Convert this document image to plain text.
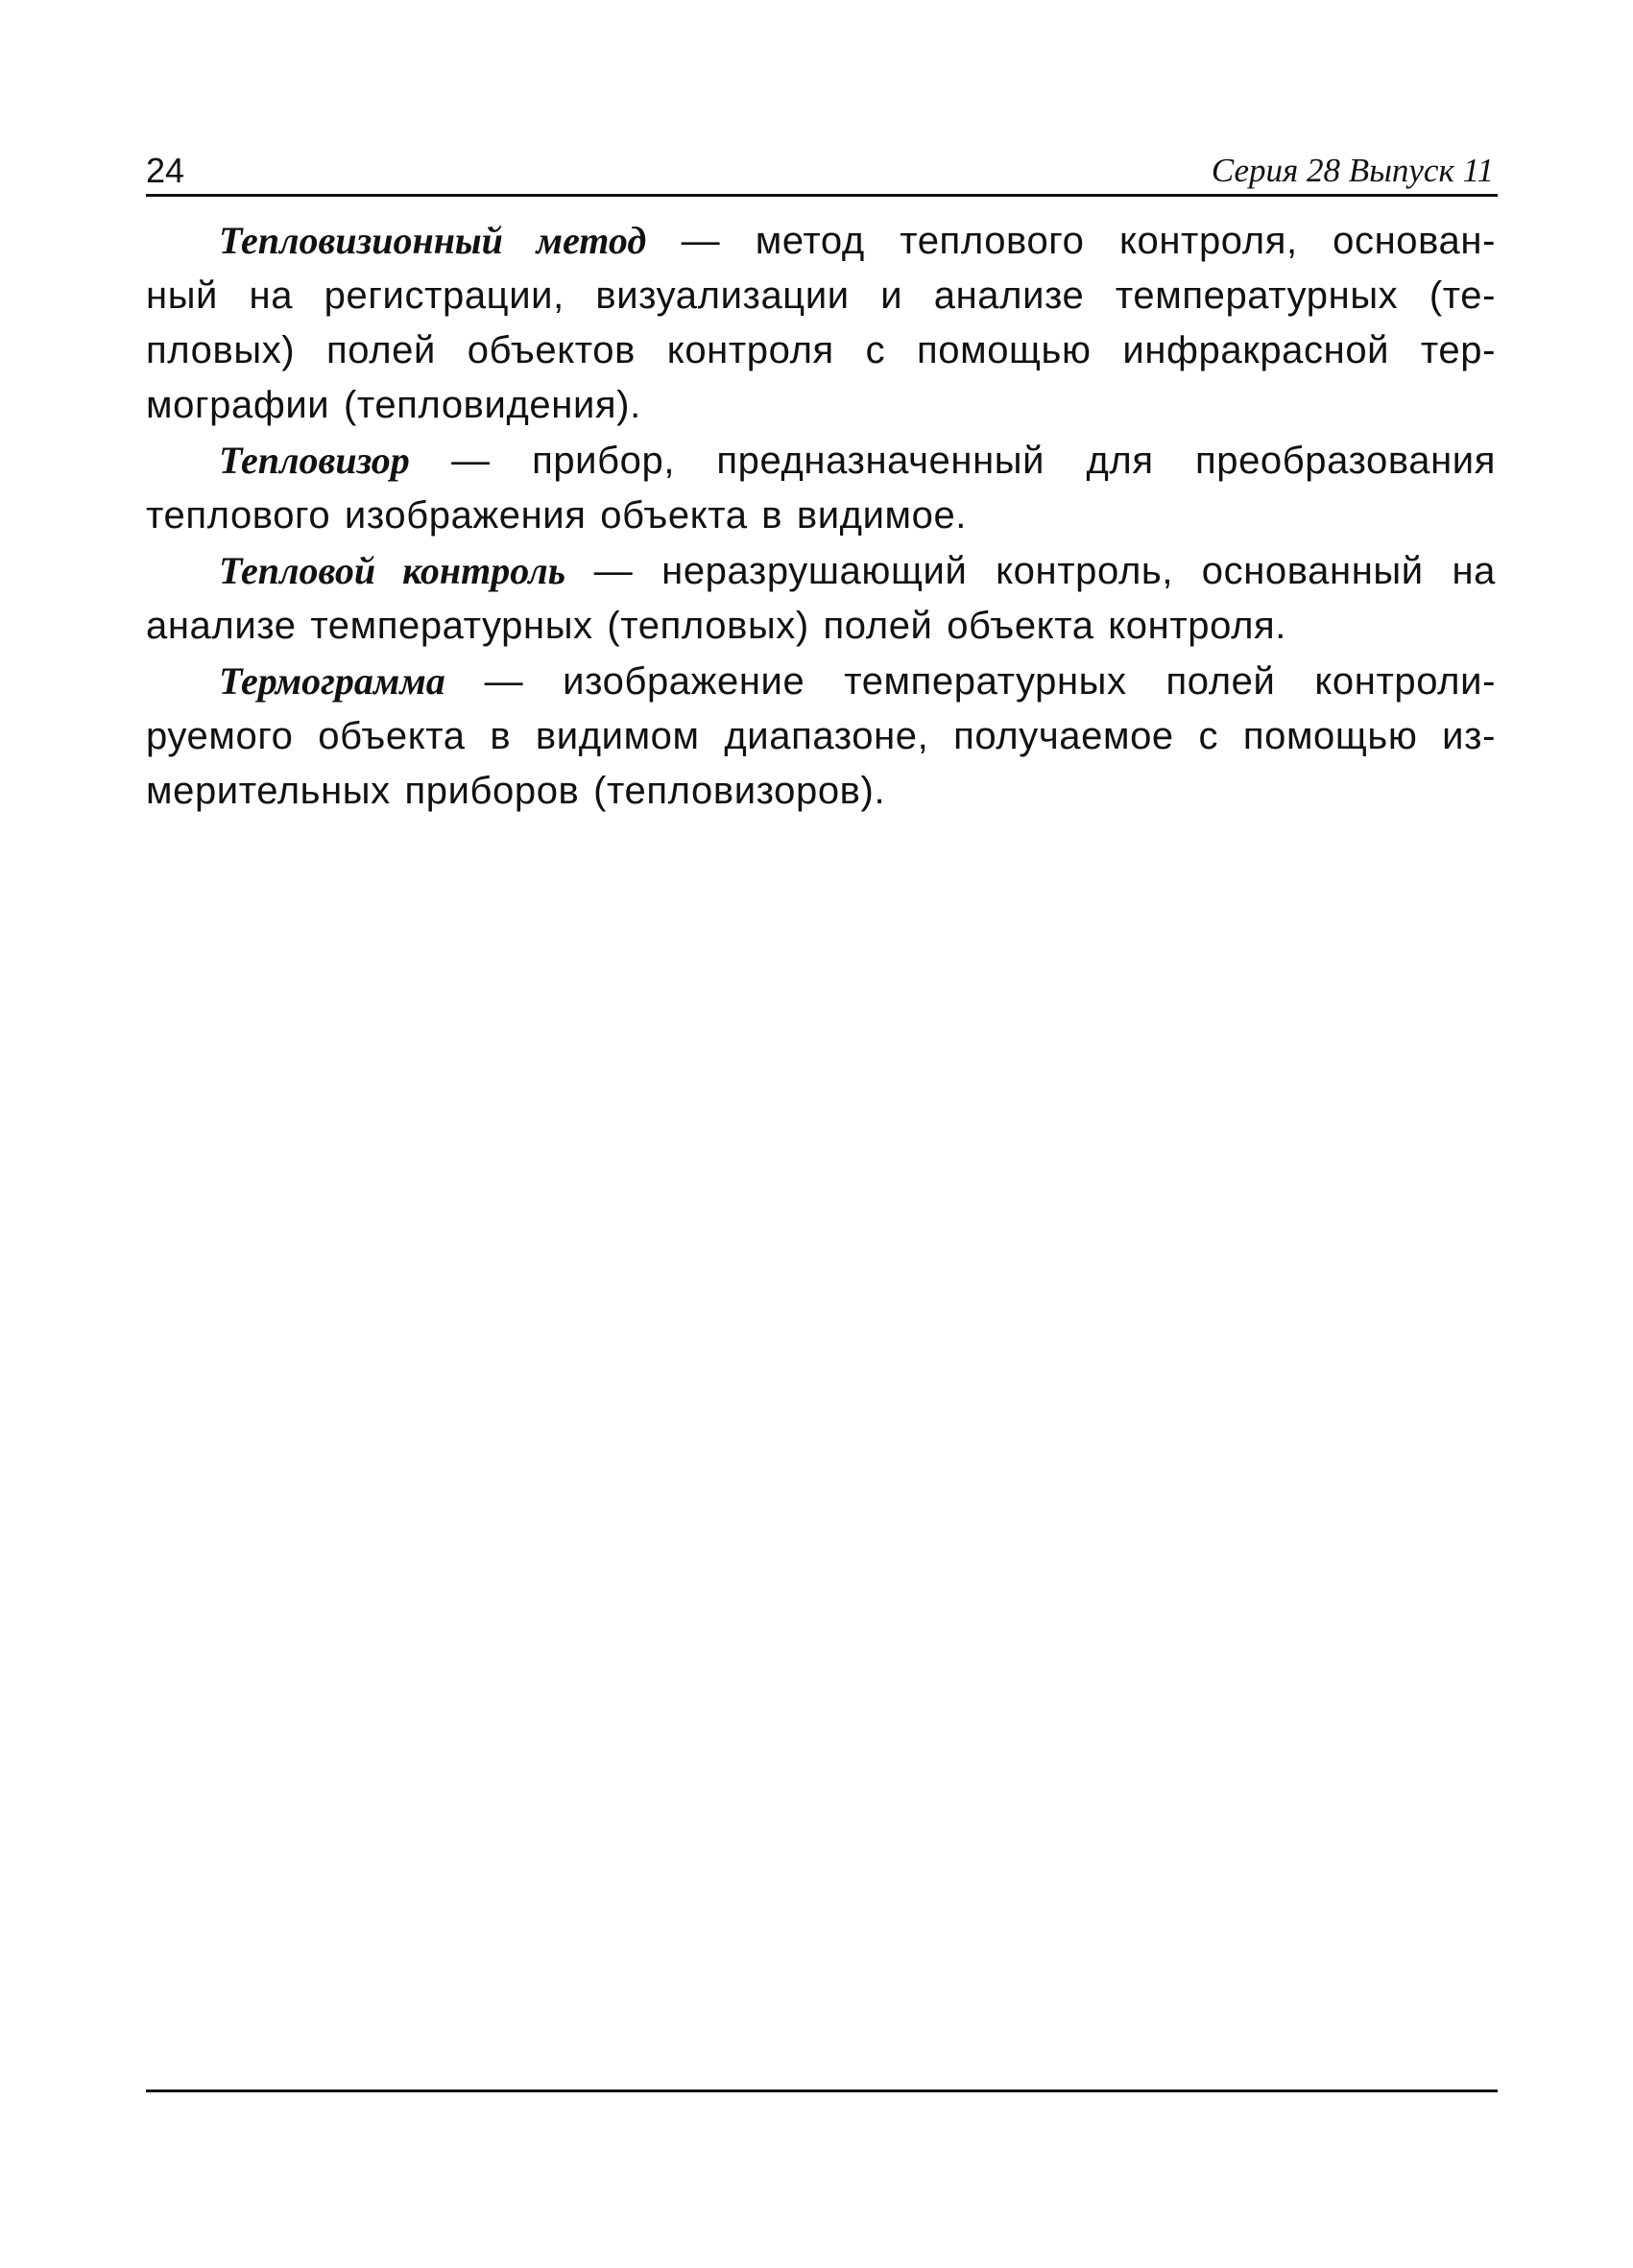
24	Серия 28 Выпуск 11
Тепловизионный метод — метод теплового контроля, основан-
ный на регистрации, визуализации и анализе температурных (те-
пловых) полей объектов контроля с помощью инфракрасной тер-
мографии (тепловидения).
Тепловизор — прибор, предназначенный для преобразования
теплового изображения объекта в видимое.
Тепловой контроль — неразрушающий контроль, основанный на
анализе температурных (тепловых) полей объекта контроля.
Термограмма — изображение температурных полей контроли-
руемого объекта в видимом диапазоне, получаемое с помощью из-
мерительных приборов (тепловизоров).
